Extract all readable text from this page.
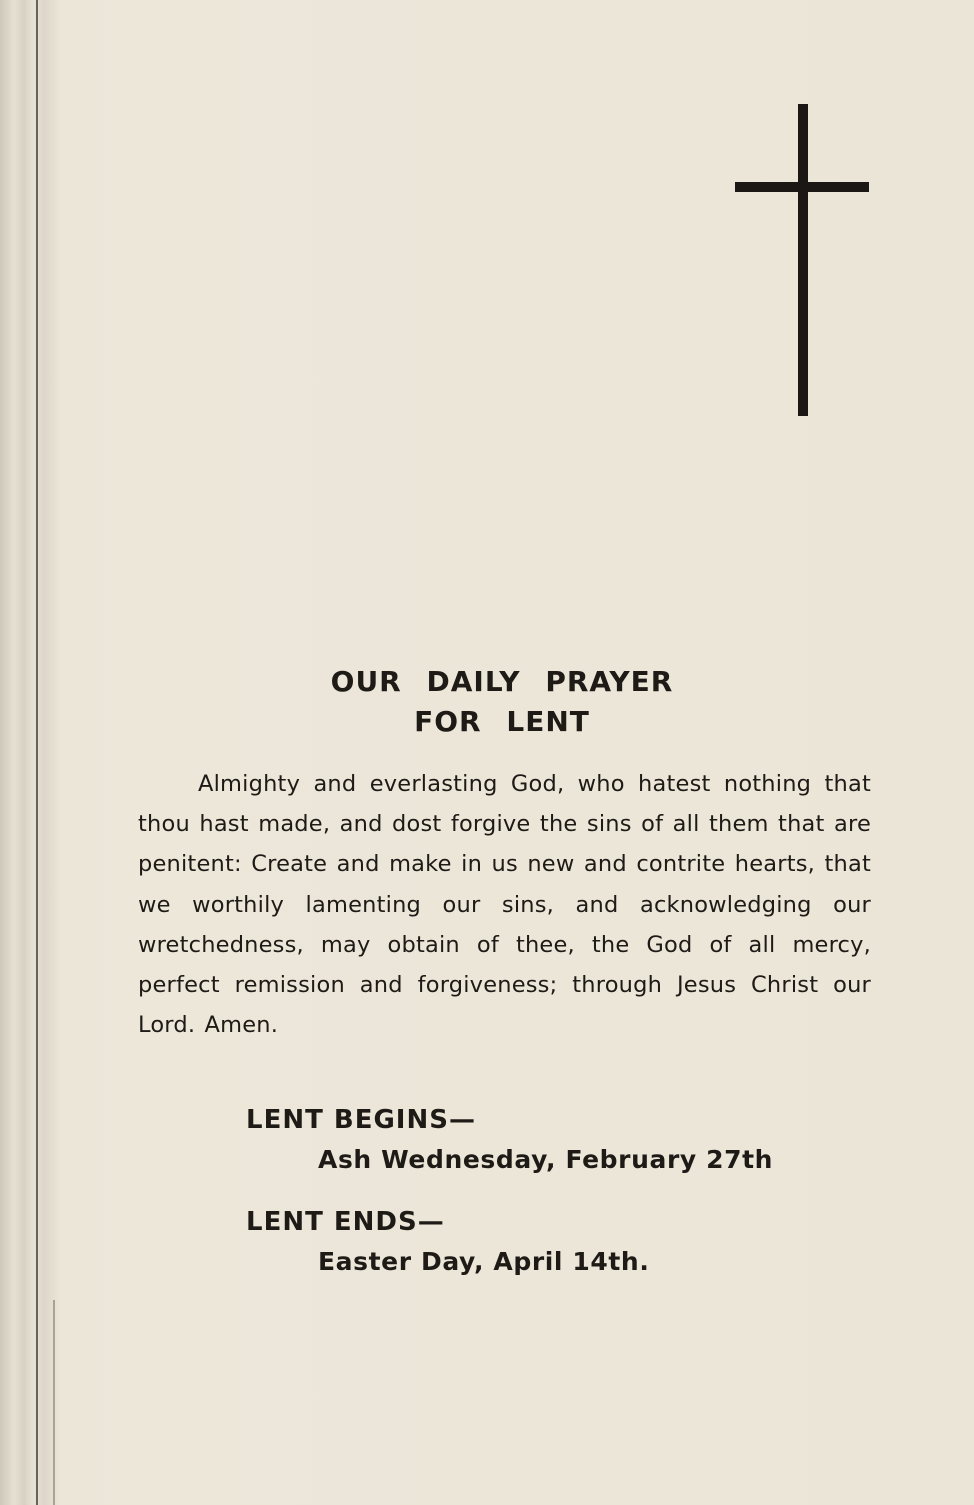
OUR DAILY PRAYER
FOR LENT
Almighty and everlasting God, who hatest nothing that thou hast made, and dost forgive the sins of all them that are penitent: Create and make in us new and contrite hearts, that we worthily lamenting our sins, and acknowledging our wretchedness, may obtain of thee, the God of all mercy, perfect remission and forgiveness; through Jesus Christ our Lord. Amen.
LENT BEGINS—
Ash Wednesday, February 27th
LENT ENDS—
Easter Day, April 14th.
